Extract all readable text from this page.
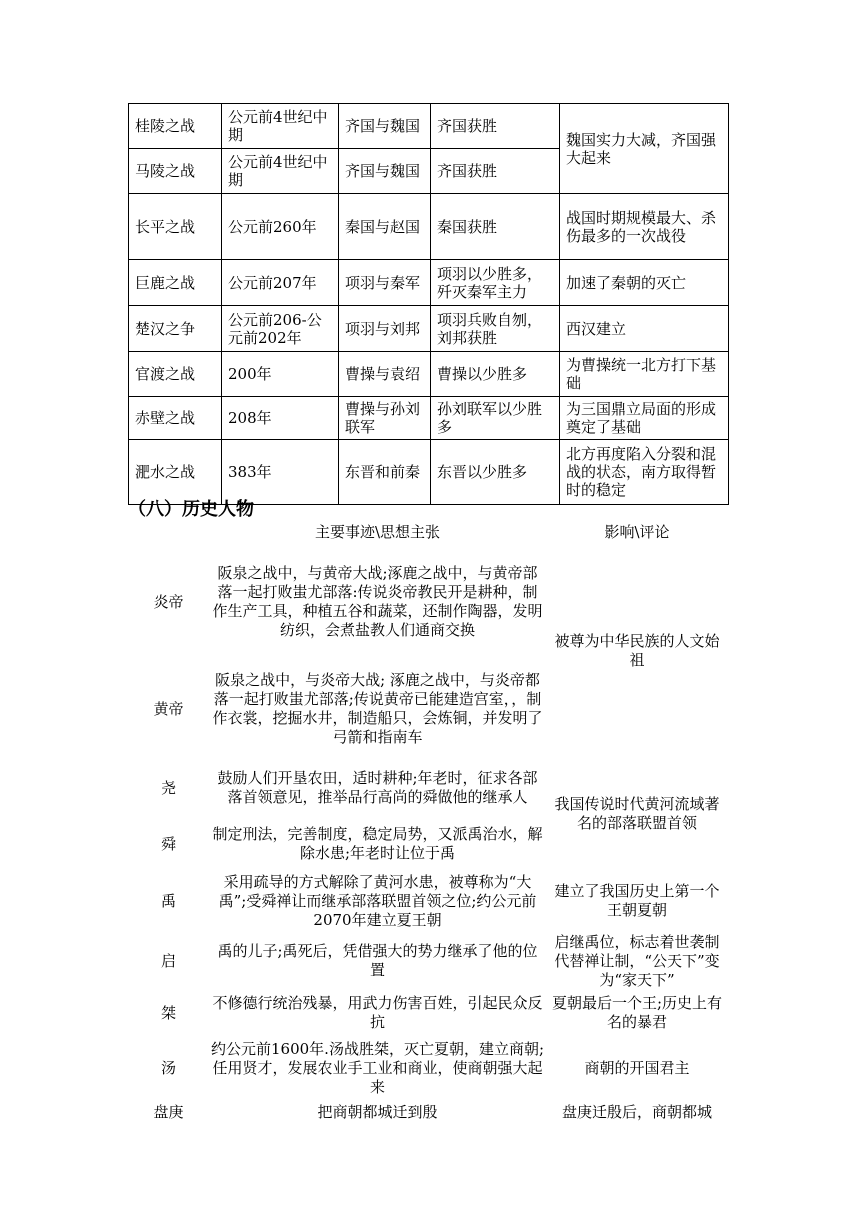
桂陵之战	公元前4世纪中期	齐国与魏国	齐国获胜	魏国实力大减，齐国强大起来
马陵之战	公元前4世纪中期	齐国与魏国	齐国获胜	
长平之战	公元前260年	秦国与赵国	秦国获胜	战国时期规模最大、杀伤最多的一次战役
巨鹿之战	公元前207年	项羽与秦军	项羽以少胜多，歼灭秦军主力	加速了秦朝的灭亡
楚汉之争	公元前206-公元前202年	项羽与刘邦	项羽兵败自刎，刘邦获胜	西汉建立
官渡之战	200年	曹操与袁绍	曹操以少胜多	为曹操统一北方打下基础
赤壁之战	208年	曹操与孙刘联军	孙刘联军以少胜多	为三国鼎立局面的形成奠定了基础
淝水之战	383年	东晋和前秦	东晋以少胜多	北方再度陷入分裂和混战的状态，南方取得暂时的稳定
（八）历史人物
	主要事迹\思想主张	影响\评论
炎帝	阪泉之战中，与黄帝大战;涿鹿之战中，与黄帝部落一起打败蚩尤部落:传说炎帝教民开是耕种，制作生产工具，种植五谷和蔬菜，还制作陶器，发明纺织，会煮盐教人们通商交换	被尊为中华民族的人文始祖
黄帝	阪泉之战中，与炎帝大战; 涿鹿之战中，与炎帝都落一起打败蚩尤部落;传说黄帝已能建造宫室，，制作衣裳，挖掘水井，制造船只，会炼铜，并发明了弓箭和指南车	
尧	鼓励人们开垦农田，适时耕种;年老时，征求各部落首领意见，推举品行高尚的舜做他的继承人	我国传说时代黄河流域著名的部落联盟首领
舜	制定刑法，完善制度，稳定局势，又派禹治水，解除水患;年老时让位于禹	
禹	采用疏导的方式解除了黄河水患，被尊称为“大禹”;受舜禅让而继承部落联盟首领之位;约公元前2070年建立夏王朝	建立了我国历史上第一个王朝夏朝
启	禹的儿子;禹死后，凭借强大的势力继承了他的位置	启继禹位，标志着世袭制代替禅让制，“公天下”变为“家天下”
桀	不修德行统治残暴，用武力伤害百姓，引起民众反抗	夏朝最后一个王;历史上有名的暴君
汤	约公元前1600年.汤战胜桀，灭亡夏朝，建立商朝;任用贤才，发展农业手工业和商业，使商朝强大起来	商朝的开国君主
盘庚	把商朝都城迁到殷	盘庚迁殷后，商朝都城
